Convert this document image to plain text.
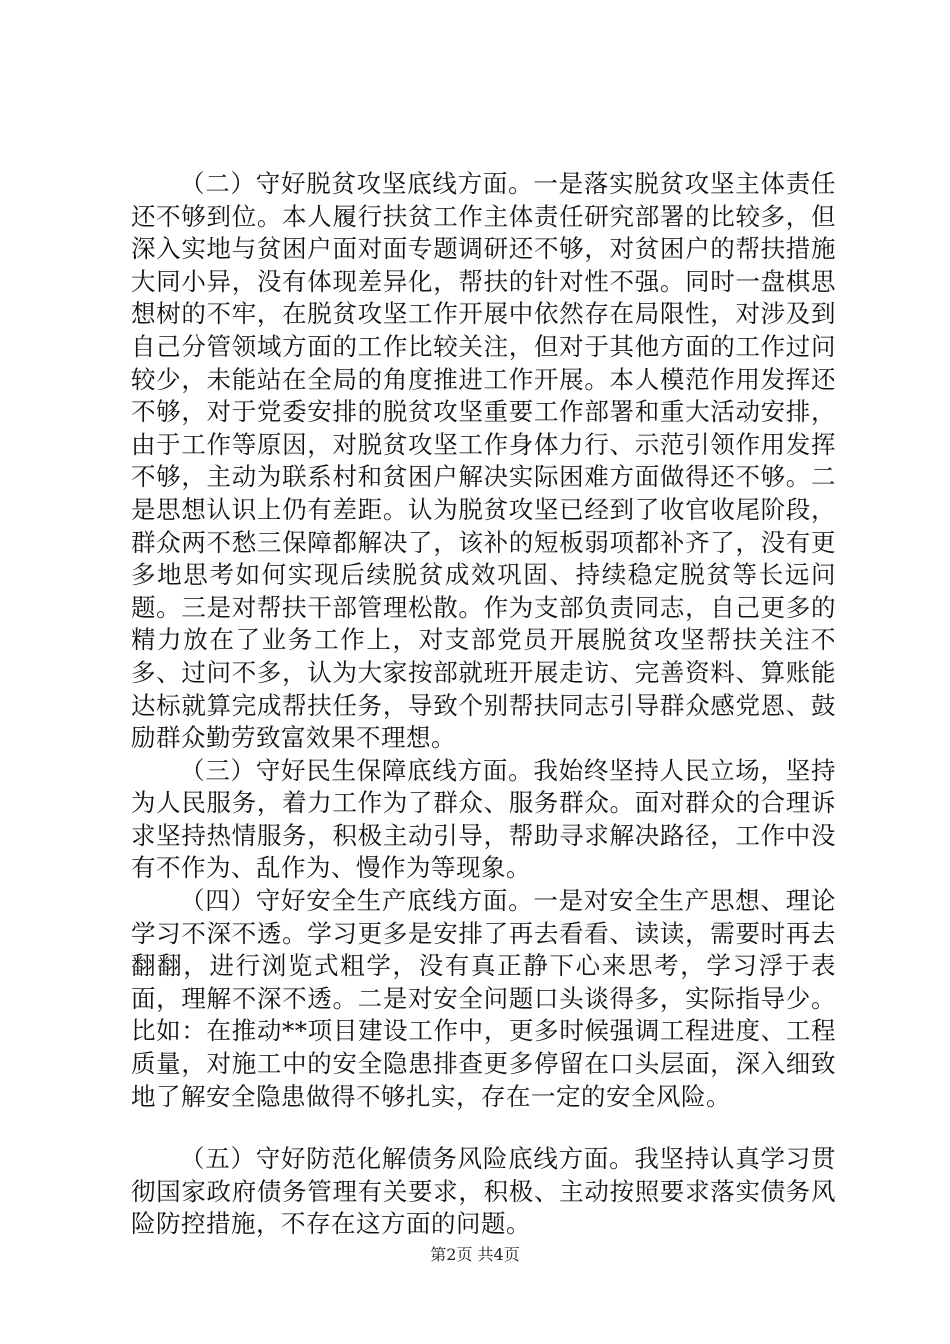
（二）守好脱贫攻坚底线方面。一是落实脱贫攻坚主体责任还不够到位。本人履行扶贫工作主体责任研究部署的比较多，但深入实地与贫困户面对面专题调研还不够，对贫困户的帮扶措施大同小异，没有体现差异化，帮扶的针对性不强。同时一盘棋思想树的不牢，在脱贫攻坚工作开展中依然存在局限性，对涉及到自己分管领域方面的工作比较关注，但对于其他方面的工作过问较少，未能站在全局的角度推进工作开展。本人模范作用发挥还不够，对于党委安排的脱贫攻坚重要工作部署和重大活动安排，由于工作等原因，对脱贫攻坚工作身体力行、示范引领作用发挥不够，主动为联系村和贫困户解决实际困难方面做得还不够。二是思想认识上仍有差距。认为脱贫攻坚已经到了收官收尾阶段，群众两不愁三保障都解决了，该补的短板弱项都补齐了，没有更多地思考如何实现后续脱贫成效巩固、持续稳定脱贫等长远问题。三是对帮扶干部管理松散。作为支部负责同志，自己更多的精力放在了业务工作上，对支部党员开展脱贫攻坚帮扶关注不多、过问不多，认为大家按部就班开展走访、完善资料、算账能达标就算完成帮扶任务，导致个别帮扶同志引导群众感党恩、鼓励群众勤劳致富效果不理想。

（三）守好民生保障底线方面。我始终坚持人民立场，坚持为人民服务，着力工作为了群众、服务群众。面对群众的合理诉求坚持热情服务，积极主动引导，帮助寻求解决路径，工作中没有不作为、乱作为、慢作为等现象。

（四）守好安全生产底线方面。一是对安全生产思想、理论学习不深不透。学习更多是安排了再去看看、读读，需要时再去翻翻，进行浏览式粗学，没有真正静下心来思考，学习浮于表面，理解不深不透。二是对安全问题口头谈得多，实际指导少。比如：在推动**项目建设工作中，更多时候强调工程进度、工程质量，对施工中的安全隐患排查更多停留在口头层面，深入细致地了解安全隐患做得不够扎实，存在一定的安全风险。

（五）守好防范化解债务风险底线方面。我坚持认真学习贯彻国家政府债务管理有关要求，积极、主动按照要求落实债务风险防控措施，不存在这方面的问题。

第2页 共4页
